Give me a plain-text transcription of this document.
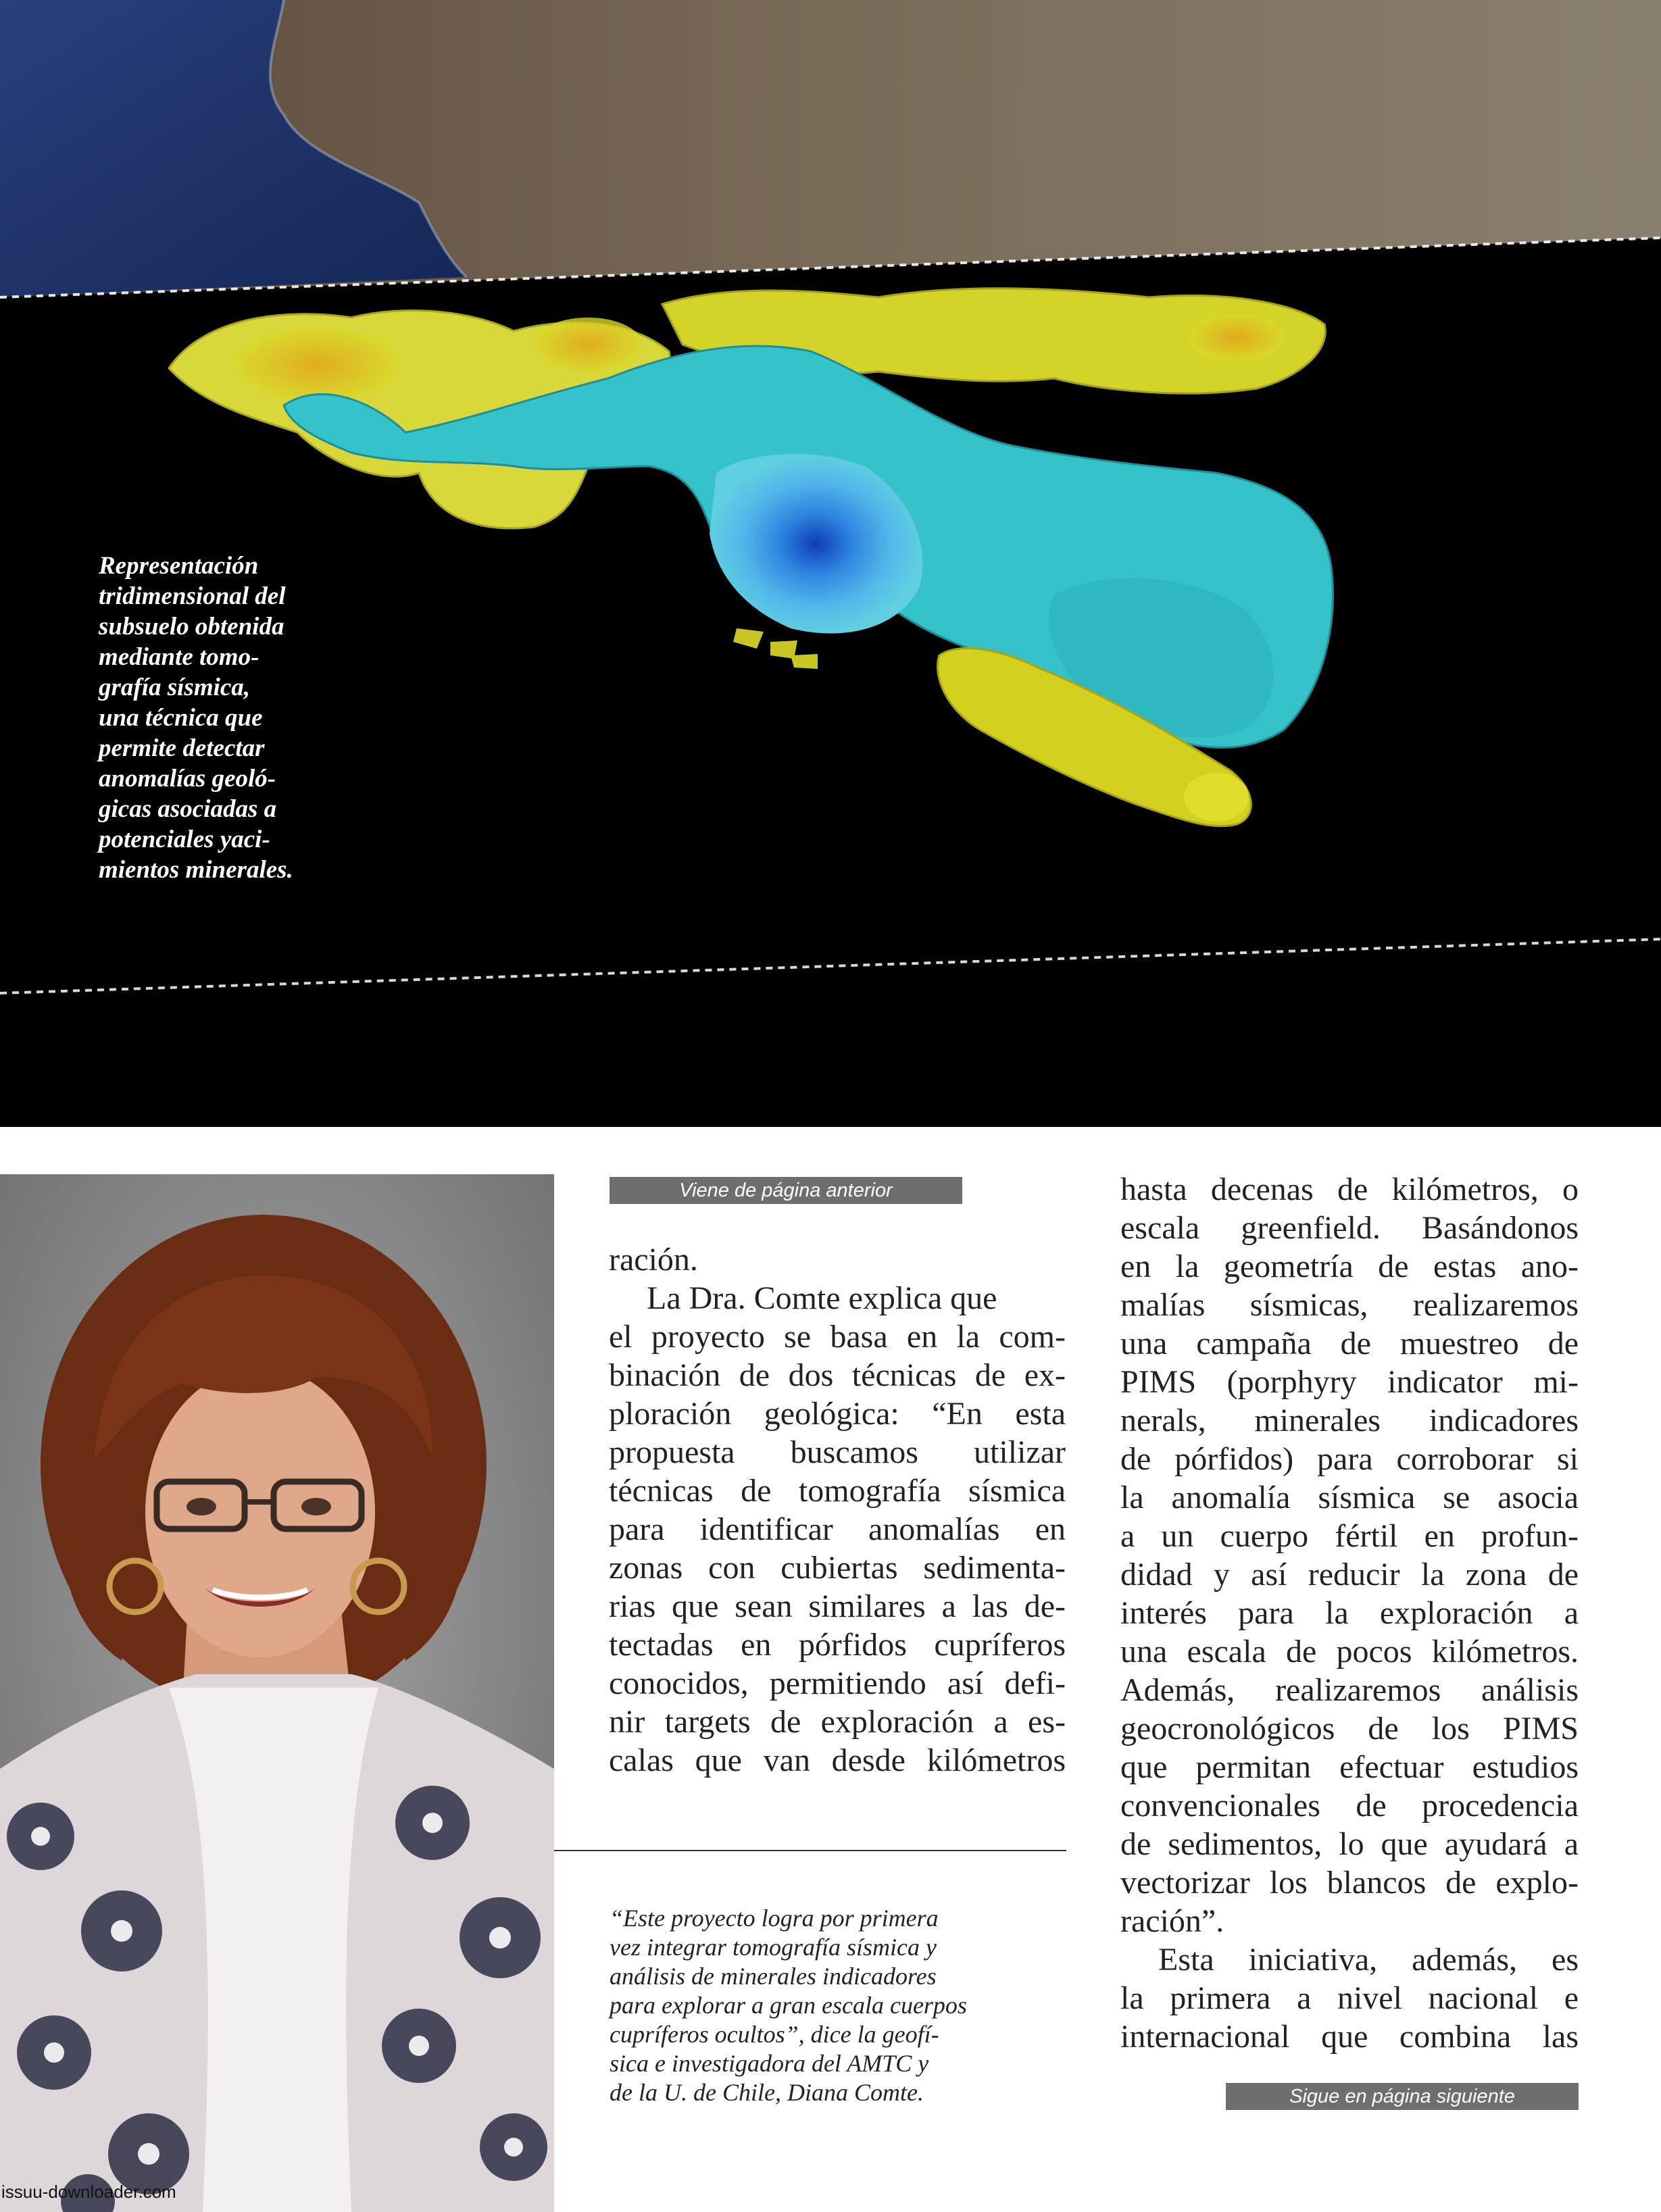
Representación
tridimensional del
subsuelo obtenida
mediante tomo-
grafía sísmica,
una técnica que
permite detectar
anomalías geoló-
gicas asociadas a
potenciales yaci-
mientos minerales.

issuu-downloader.com

Viene de página anterior

ración.
La Dra. Comte explica que
el proyecto se basa en la com-
binación de dos técnicas de ex-
ploración geológica: “En esta
propuesta buscamos utilizar
técnicas de tomografía sísmica
para identificar anomalías en
zonas con cubiertas sedimenta-
rias que sean similares a las de-
tectadas en pórfidos cupríferos
conocidos, permitiendo así defi-
nir targets de exploración a es-
calas que van desde kilómetros

“Este proyecto logra por primera
vez integrar tomografía sísmica y
análisis de minerales indicadores
para explorar a gran escala cuerpos
cupríferos ocultos”, dice la geofí-
sica e investigadora del AMTC y
de la U. de Chile, Diana Comte.

hasta decenas de kilómetros, o
escala greenfield. Basándonos
en la geometría de estas ano-
malías sísmicas, realizaremos
una campaña de muestreo de
PIMS (porphyry indicator mi-
nerals, minerales indicadores
de pórfidos) para corroborar si
la anomalía sísmica se asocia
a un cuerpo fértil en profun-
didad y así reducir la zona de
interés para la exploración a
una escala de pocos kilómetros.
Además, realizaremos análisis
geocronológicos de los PIMS
que permitan efectuar estudios
convencionales de procedencia
de sedimentos, lo que ayudará a
vectorizar los blancos de explo-
ración”.
Esta iniciativa, además, es
la primera a nivel nacional e
internacional que combina las

Sigue en página siguiente
